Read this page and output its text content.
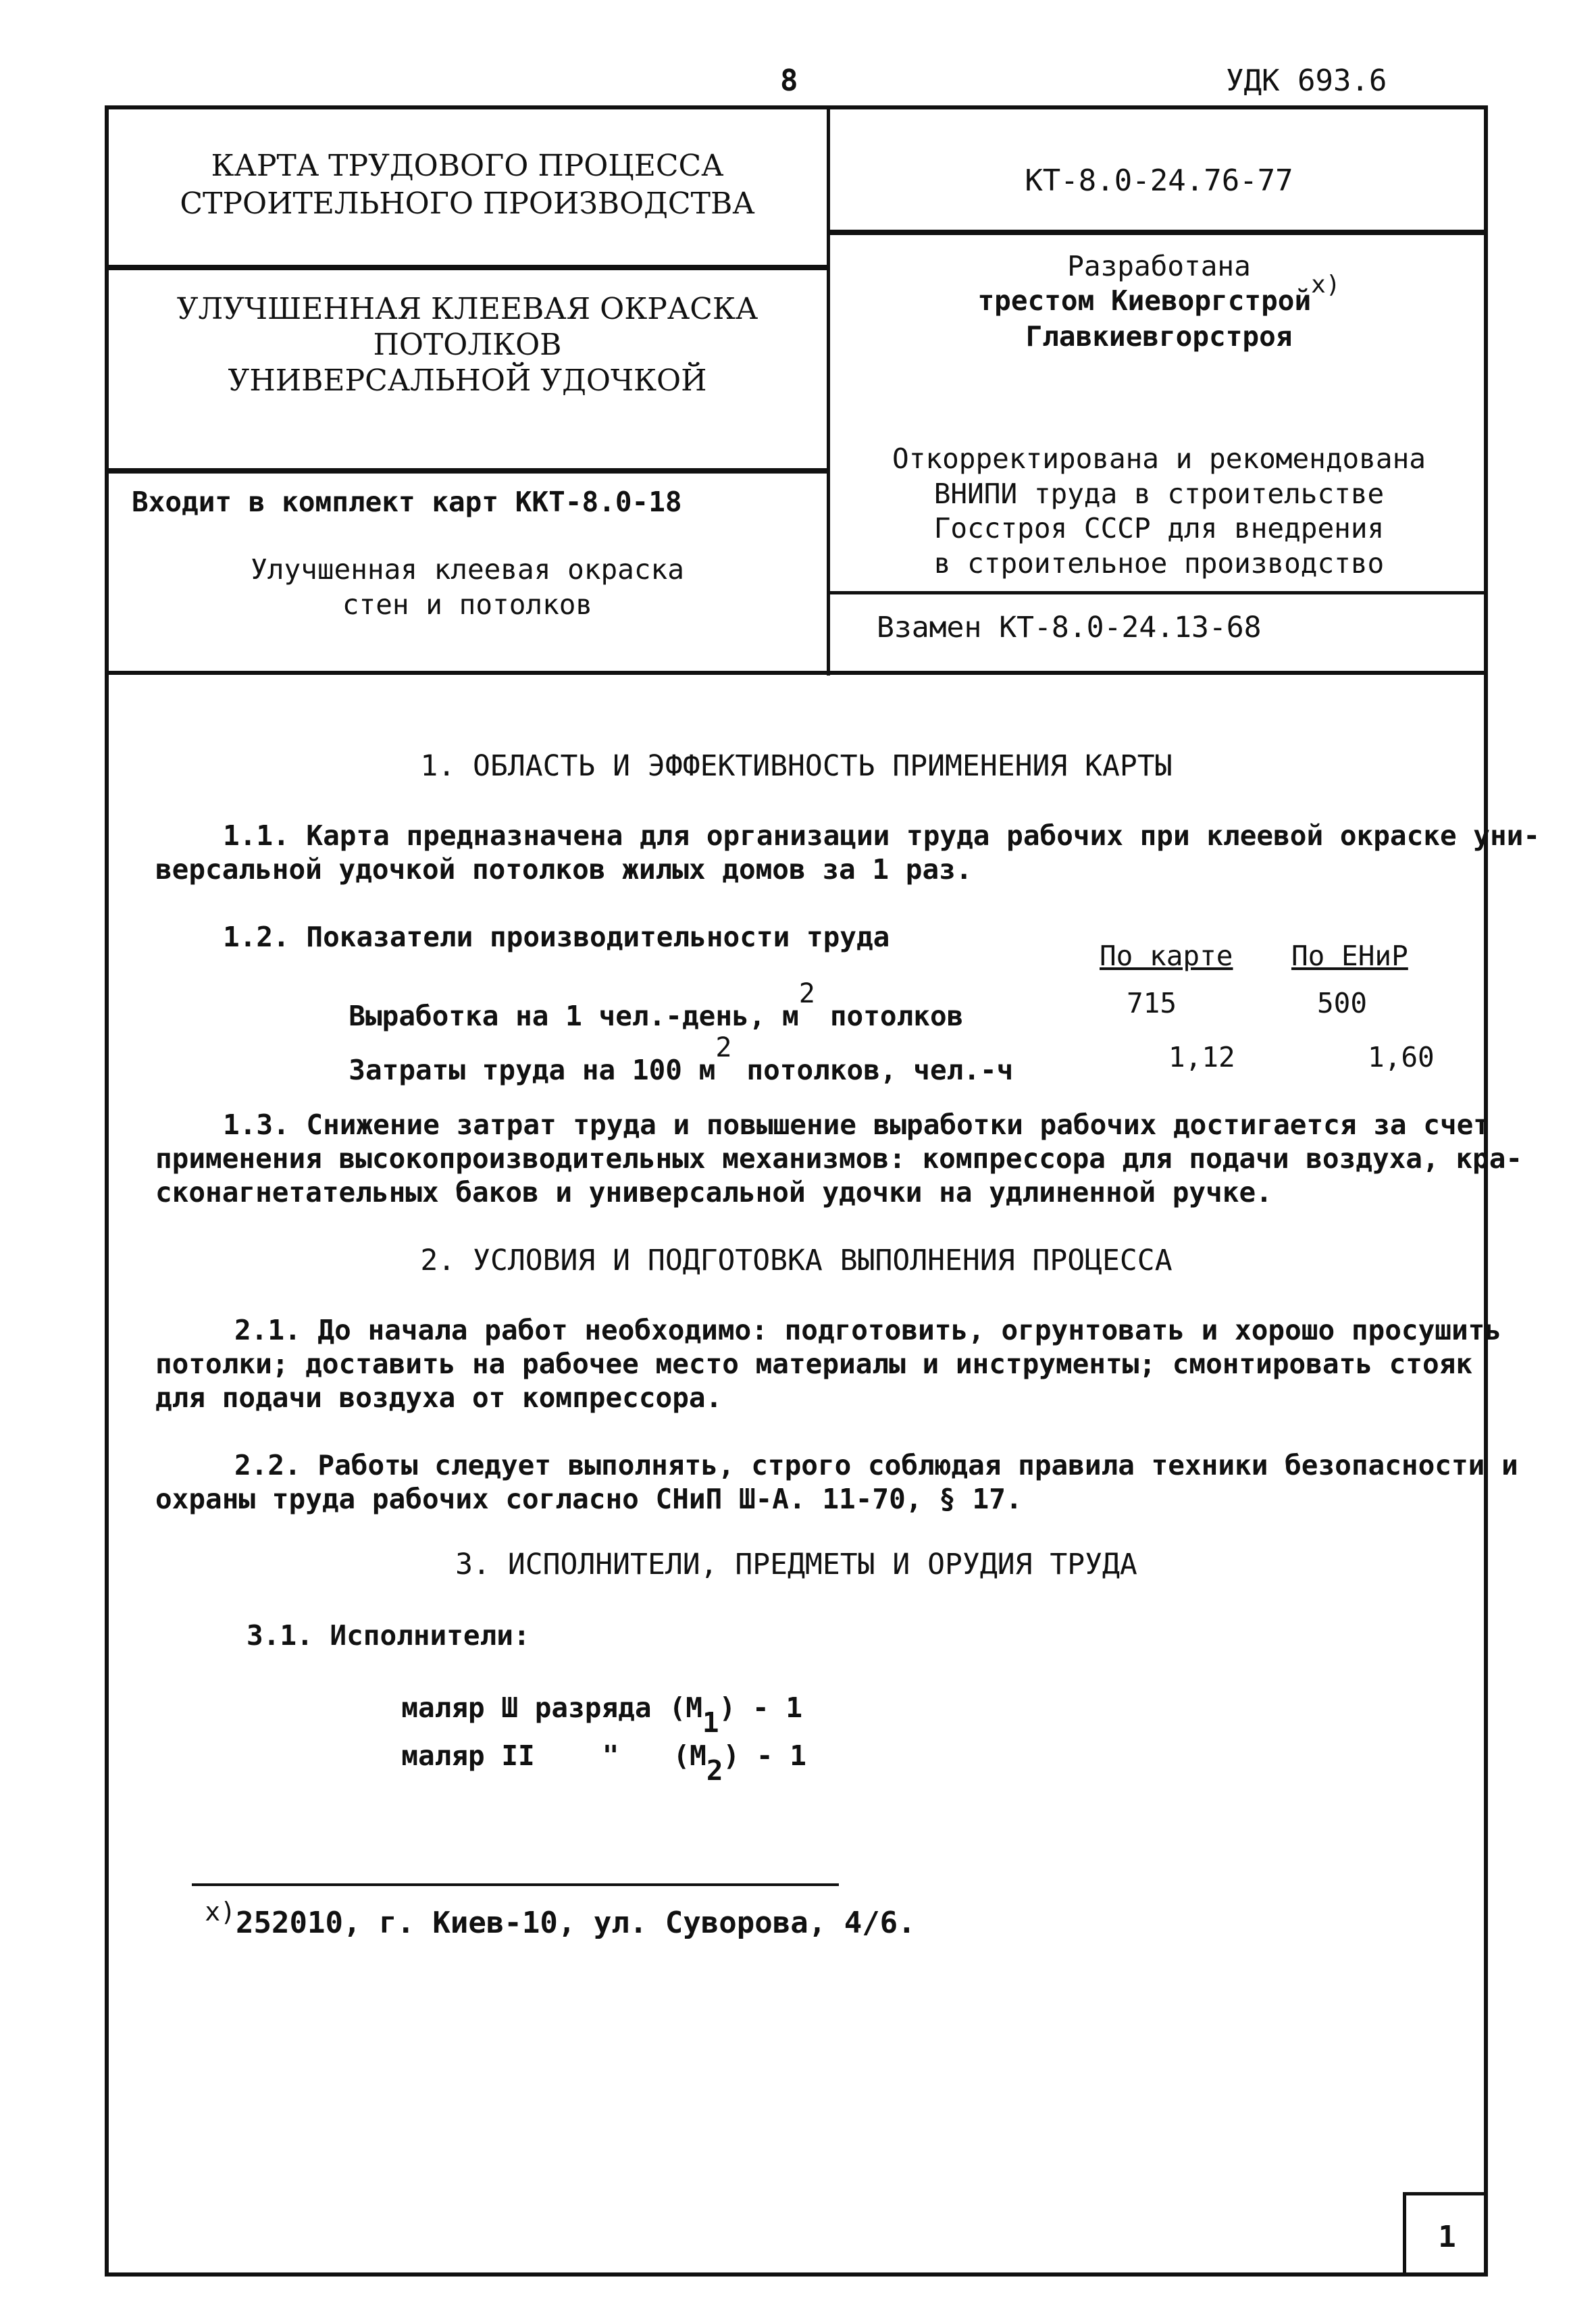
8	УДК 693.6
КАРТА ТРУДОВОГО ПРОЦЕССА
СТРОИТЕЛЬНОГО ПРОИЗВОДСТВА
УЛУЧШЕННАЯ КЛЕЕВАЯ ОКРАСКА
ПОТОЛКОВ
УНИВЕРСАЛЬНОЙ УДОЧКОЙ
Входит в комплект карт ККТ-8.0-18
Улучшенная клеевая окраска
стен и потолков
КТ-8.0-24.76-77
Разработана
трестом Киеворгстройx)
Главкиевгорстроя
Откорректирована и рекомендована
ВНИПИ труда в строительстве
Госстроя СССР для внедрения
в строительное производство
Взамен КТ-8.0-24.13-68
1. ОБЛАСТЬ И ЭФФЕКТИВНОСТЬ ПРИМЕНЕНИЯ КАРТЫ
1.1. Карта предназначена для организации труда рабочих при клеевой окраске уни-
версальной удочкой потолков жилых домов за 1 раз.
1.2. Показатели производительности труда
По карте По ЕНиР

Выработка на 1 чел.-день, м2потолков	715	500

Затраты труда на 100 м2потолков, чел.-ч	1,12	1,60
1.3. Снижение затрат труда и повышение выработки рабочих достигается за счет
применения высокопроизводительных механизмов: компрессора для подачи воздуха, кра-
сконагнетательных баков и универсальной удочки на удлиненной ручке.
2. УСЛОВИЯ И ПОДГОТОВКА ВЫПОЛНЕНИЯ ПРОЦЕССА
2.1. До начала работ необходимо: подготовить, огрунтовать и хорошо просушить
потолки; доставить на рабочее место материалы и инструменты; смонтировать стояк
для подачи воздуха от компрессора.
2.2. Работы следует выполнять, строго соблюдая правила техники безопасности и
охраны труда рабочих согласно СНиП Ш-А. 11-70, § 17.
3. ИСПОЛНИТЕЛИ, ПРЕДМЕТЫ И ОРУДИЯ ТРУДА
3.1. Исполнители:

маляр Ш разряда (М1) - 1

маляр II " (М2) - 1

x)252010, г. Киев-10, ул. Суворова, 4/6.

1
